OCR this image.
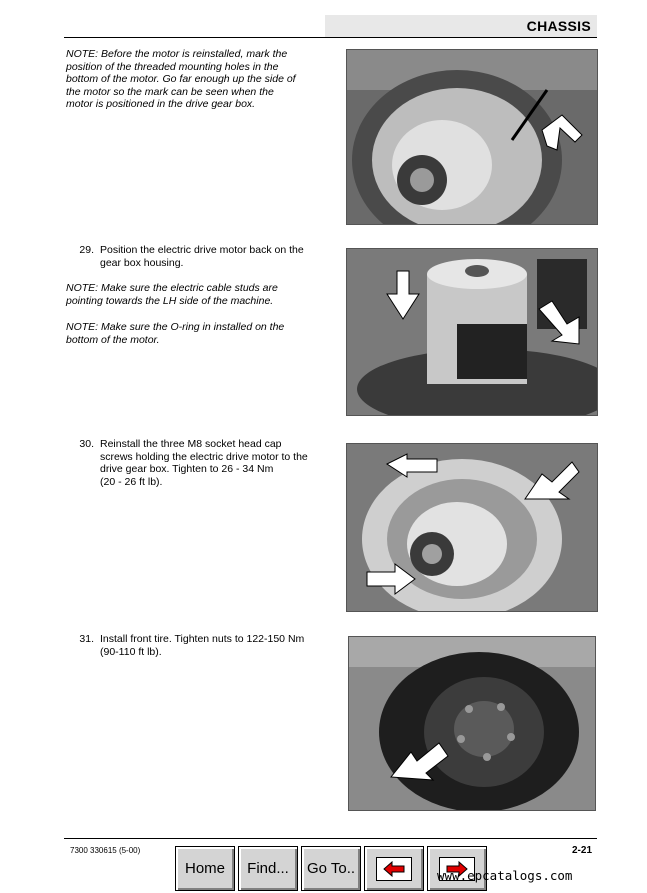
CHASSIS
NOTE: Before the motor is reinstalled, mark the
position of the threaded mounting holes in the
bottom of the motor. Go far enough up the side of
the motor so the mark can be seen when the
motor is positioned in the drive gear box.
29. Position the electric drive motor back on the
gear box housing.
NOTE: Make sure the electric cable studs are
pointing towards the LH side of the machine.
NOTE: Make sure the O-ring in installed on the
bottom of the motor.
30. Reinstall the three M8 socket head cap
screws holding the electric drive motor to the
drive gear box. Tighten to 26 - 34 Nm
(20 - 26 ft lb).
31. Install front tire. Tighten nuts to 122-150 Nm
(90-110 ft lb).
7300 330615 (5-00)	2-21
Home	Find...	Go To..	www.epcatalogs.com
